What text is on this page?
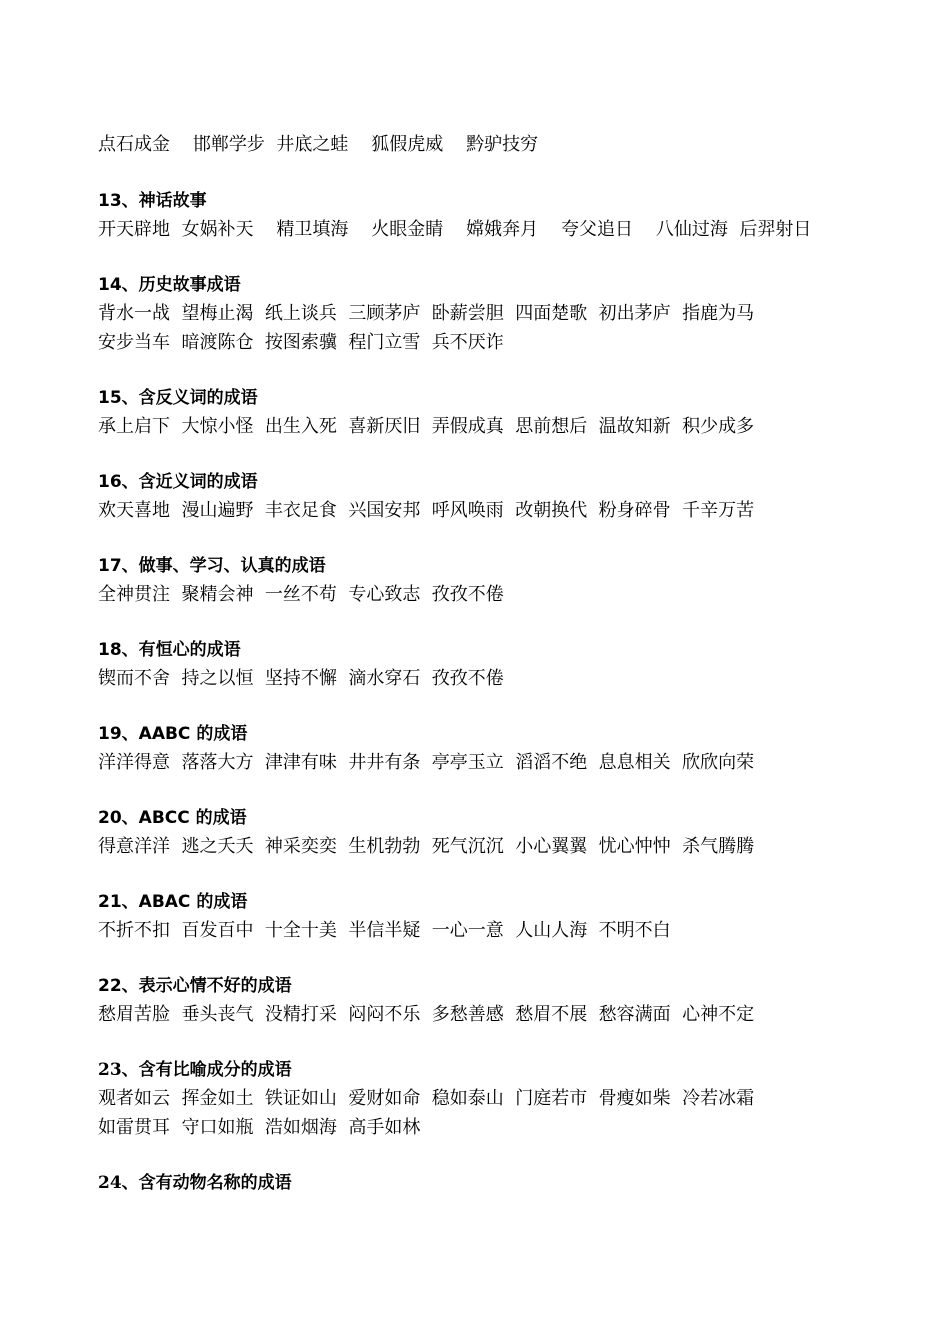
点石成金    邯郸学步  井底之蛙    狐假虎威    黔驴技穷
13、神话故事
开天辟地  女娲补天    精卫填海    火眼金睛    嫦娥奔月    夸父追日    八仙过海  后羿射日
14、历史故事成语
背水一战  望梅止渴  纸上谈兵  三顾茅庐  卧薪尝胆  四面楚歌  初出茅庐  指鹿为马
安步当车  暗渡陈仓  按图索骥  程门立雪  兵不厌诈
15、含反义词的成语
承上启下  大惊小怪  出生入死  喜新厌旧  弄假成真  思前想后  温故知新  积少成多
16、含近义词的成语
欢天喜地  漫山遍野  丰衣足食  兴国安邦  呼风唤雨  改朝换代  粉身碎骨  千辛万苦
17、做事、学习、认真的成语
全神贯注  聚精会神  一丝不苟  专心致志  孜孜不倦
18、有恒心的成语
锲而不舍  持之以恒  坚持不懈  滴水穿石  孜孜不倦
19、AABC 的成语
洋洋得意  落落大方  津津有味  井井有条  亭亭玉立  滔滔不绝  息息相关  欣欣向荣
20、ABCC 的成语
得意洋洋  逃之夭夭  神采奕奕  生机勃勃  死气沉沉  小心翼翼  忧心忡忡  杀气腾腾
21、ABAC 的成语
不折不扣  百发百中  十全十美  半信半疑  一心一意  人山人海  不明不白
22、表示心情不好的成语
愁眉苦脸  垂头丧气  没精打采  闷闷不乐  多愁善感  愁眉不展  愁容满面  心神不定
23、含有比喻成分的成语
观者如云  挥金如土  铁证如山  爱财如命  稳如泰山  门庭若市  骨瘦如柴  冷若冰霜
如雷贯耳  守口如瓶  浩如烟海  高手如林
24、含有动物名称的成语
